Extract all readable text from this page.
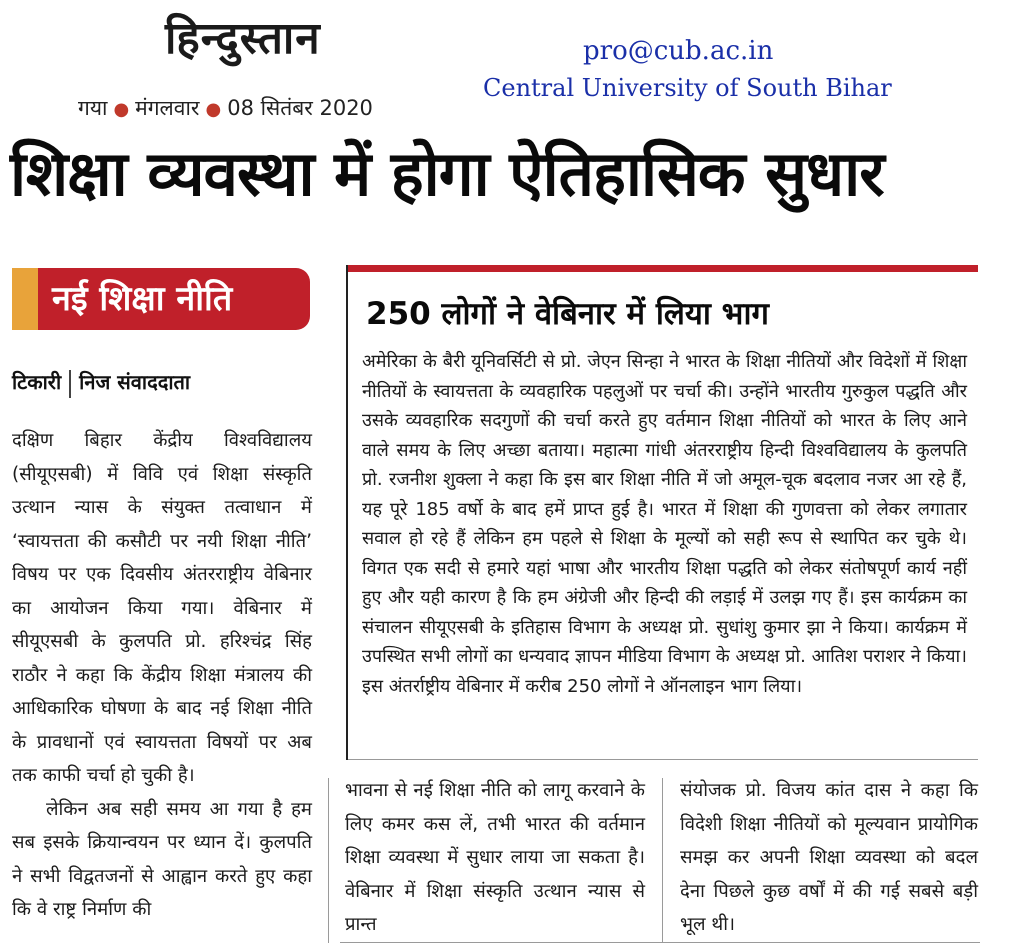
हिन्दुस्तान
गया ● मंगलवार ● 08 सितंबर 2020
pro@cub.ac.in
Central University of South Bihar
शिक्षा व्यवस्था में होगा ऐतिहासिक सुधार
नई शिक्षा नीति
टिकारी निज संवाददाता

दक्षिण बिहार केंद्रीय विश्वविद्यालय (सीयूएसबी) में विवि एवं शिक्षा संस्कृति उत्थान न्यास के संयुक्त तत्वाधान में ‘स्वायत्तता की कसौटी पर नयी शिक्षा नीति’ विषय पर एक दिवसीय अंतरराष्ट्रीय वेबिनार का आयोजन किया गया। वेबिनार में सीयूएसबी के कुलपति प्रो. हरिश्चंद्र सिंह राठौर ने कहा कि केंद्रीय शिक्षा मंत्रालय की आधिकारिक घोषणा के बाद नई शिक्षा नीति के प्रावधानों एवं स्वायत्तता विषयों पर अब तक काफी चर्चा हो चुकी है।

लेकिन अब सही समय आ गया है हम सब इसके क्रियान्वयन पर ध्यान दें। कुलपति ने सभी विद्वतजनों से आह्वान करते हुए कहा कि वे राष्ट्र निर्माण की

250 लोगों ने वेबिनार में लिया भाग
अमेरिका के बैरी यूनिवर्सिटी से प्रो. जेएन सिन्हा ने भारत के शिक्षा नीतियों और विदेशों में शिक्षा नीतियों के स्वायत्तता के व्यवहारिक पहलुओं पर चर्चा की। उन्होंने भारतीय गुरुकुल पद्धति और उसके व्यवहारिक सदगुणों की चर्चा करते हुए वर्तमान शिक्षा नीतियों को भारत के लिए आने वाले समय के लिए अच्छा बताया। महात्मा गांधी अंतरराष्ट्रीय हिन्दी विश्वविद्यालय के कुलपति प्रो. रजनीश शुक्ला ने कहा कि इस बार शिक्षा नीति में जो अमूल-चूक बदलाव नजर आ रहे हैं, यह पूरे 185 वर्षो के बाद हमें प्राप्त हुई है। भारत में शिक्षा की गुणवत्ता को लेकर लगातार सवाल हो रहे हैं लेकिन हम पहले से शिक्षा के मूल्यों को सही रूप से स्थापित कर चुके थे। विगत एक सदी से हमारे यहां भाषा और भारतीय शिक्षा पद्धति को लेकर संतोषपूर्ण कार्य नहीं हुए और यही कारण है कि हम अंग्रेजी और हिन्दी की लड़ाई में उलझ गए हैं। इस कार्यक्रम का संचालन सीयूएसबी के इतिहास विभाग के अध्यक्ष प्रो. सुधांशु कुमार झा ने किया। कार्यक्रम में उपस्थित सभी लोगों का धन्यवाद ज्ञापन मीडिया विभाग के अध्यक्ष प्रो. आतिश पराशर ने किया। इस अंतर्राष्ट्रीय वेबिनार में करीब 250 लोगों ने ऑनलाइन भाग लिया।

भावना से नई शिक्षा नीति को लागू करवाने के लिए कमर कस लें, तभी भारत की वर्तमान शिक्षा व्यवस्था में सुधार लाया जा सकता है। वेबिनार में शिक्षा संस्कृति उत्थान न्यास से प्रान्त

संयोजक प्रो. विजय कांत दास ने कहा कि विदेशी शिक्षा नीतियों को मूल्यवान प्रायोगिक समझ कर अपनी शिक्षा व्यवस्था को बदल देना पिछले कुछ वर्षों में की गई सबसे बड़ी भूल थी।
